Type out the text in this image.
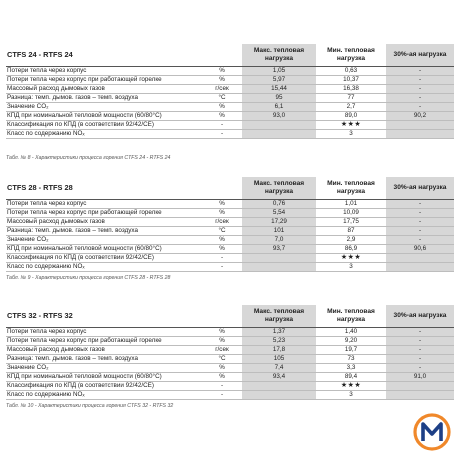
CTFS 24 - RTFS 24		Макс. тепловая нагрузка	Мин. тепловая нагрузка	30%-ая нагрузка
Потери тепла через корпус	%	1,05	0,63	-
Потери тепла через корпус при работающей горелке	%	5,97	10,37	-
Массовый расход дымовых газов	г/сек	15,44	16,38	-
Разница: темп. дымов. газов – темп. воздуха	°C	95	77	-
Значение CO₂	%	6,1	2,7	-
КПД при номинальной тепловой мощности (60/80°C)	%	93,0	89,0	90,2
Классификация по КПД (в соответствии 92/42/CE)	-		★★★	
Класс по содержанию NOₓ	-		3	
Табл. № 8 - Характеристики процесса горения CTFS 24 - RTFS 24
CTFS 28 - RTFS 28		Макс. тепловая нагрузка	Мин. тепловая нагрузка	30%-ая нагрузка
Потери тепла через корпус	%	0,76	1,01	-
Потери тепла через корпус при работающей горелке	%	5,54	10,09	-
Массовый расход дымовых газов	г/сек	17,29	17,75	-
Разница: темп. дымов. газов – темп. воздуха	°C	101	87	-
Значение CO₂	%	7,0	2,9	-
КПД при номинальной тепловой мощности (60/80°C)	%	93,7	86,9	90,6
Классификация по КПД (в соответствии 92/42/CE)	-		★★★	
Класс по содержанию NOₓ	-		3	
Табл. № 9 - Характеристики процесса горения CTFS 28 - RTFS 28
CTFS 32 - RTFS 32		Макс. тепловая нагрузка	Мин. тепловая нагрузка	30%-ая нагрузка
Потери тепла через корпус	%	1,37	1,40	-
Потери тепла через корпус при работающей горелке	%	5,23	9,20	-
Массовый расход дымовых газов	г/сек	17,8	19,7	-
Разница: темп. дымов. газов – темп. воздуха	°C	105	73	-
Значение CO₂	%	7,4	3,3	-
КПД при номинальной тепловой мощности (60/80°C)	%	93,4	89,4	91,0
Классификация по КПД (в соответствии 92/42/CE)	-		★★★	
Класс по содержанию NOₓ	-		3	
Табл. № 10 - Характеристики процесса горения CTFS 32 - RTFS 32
